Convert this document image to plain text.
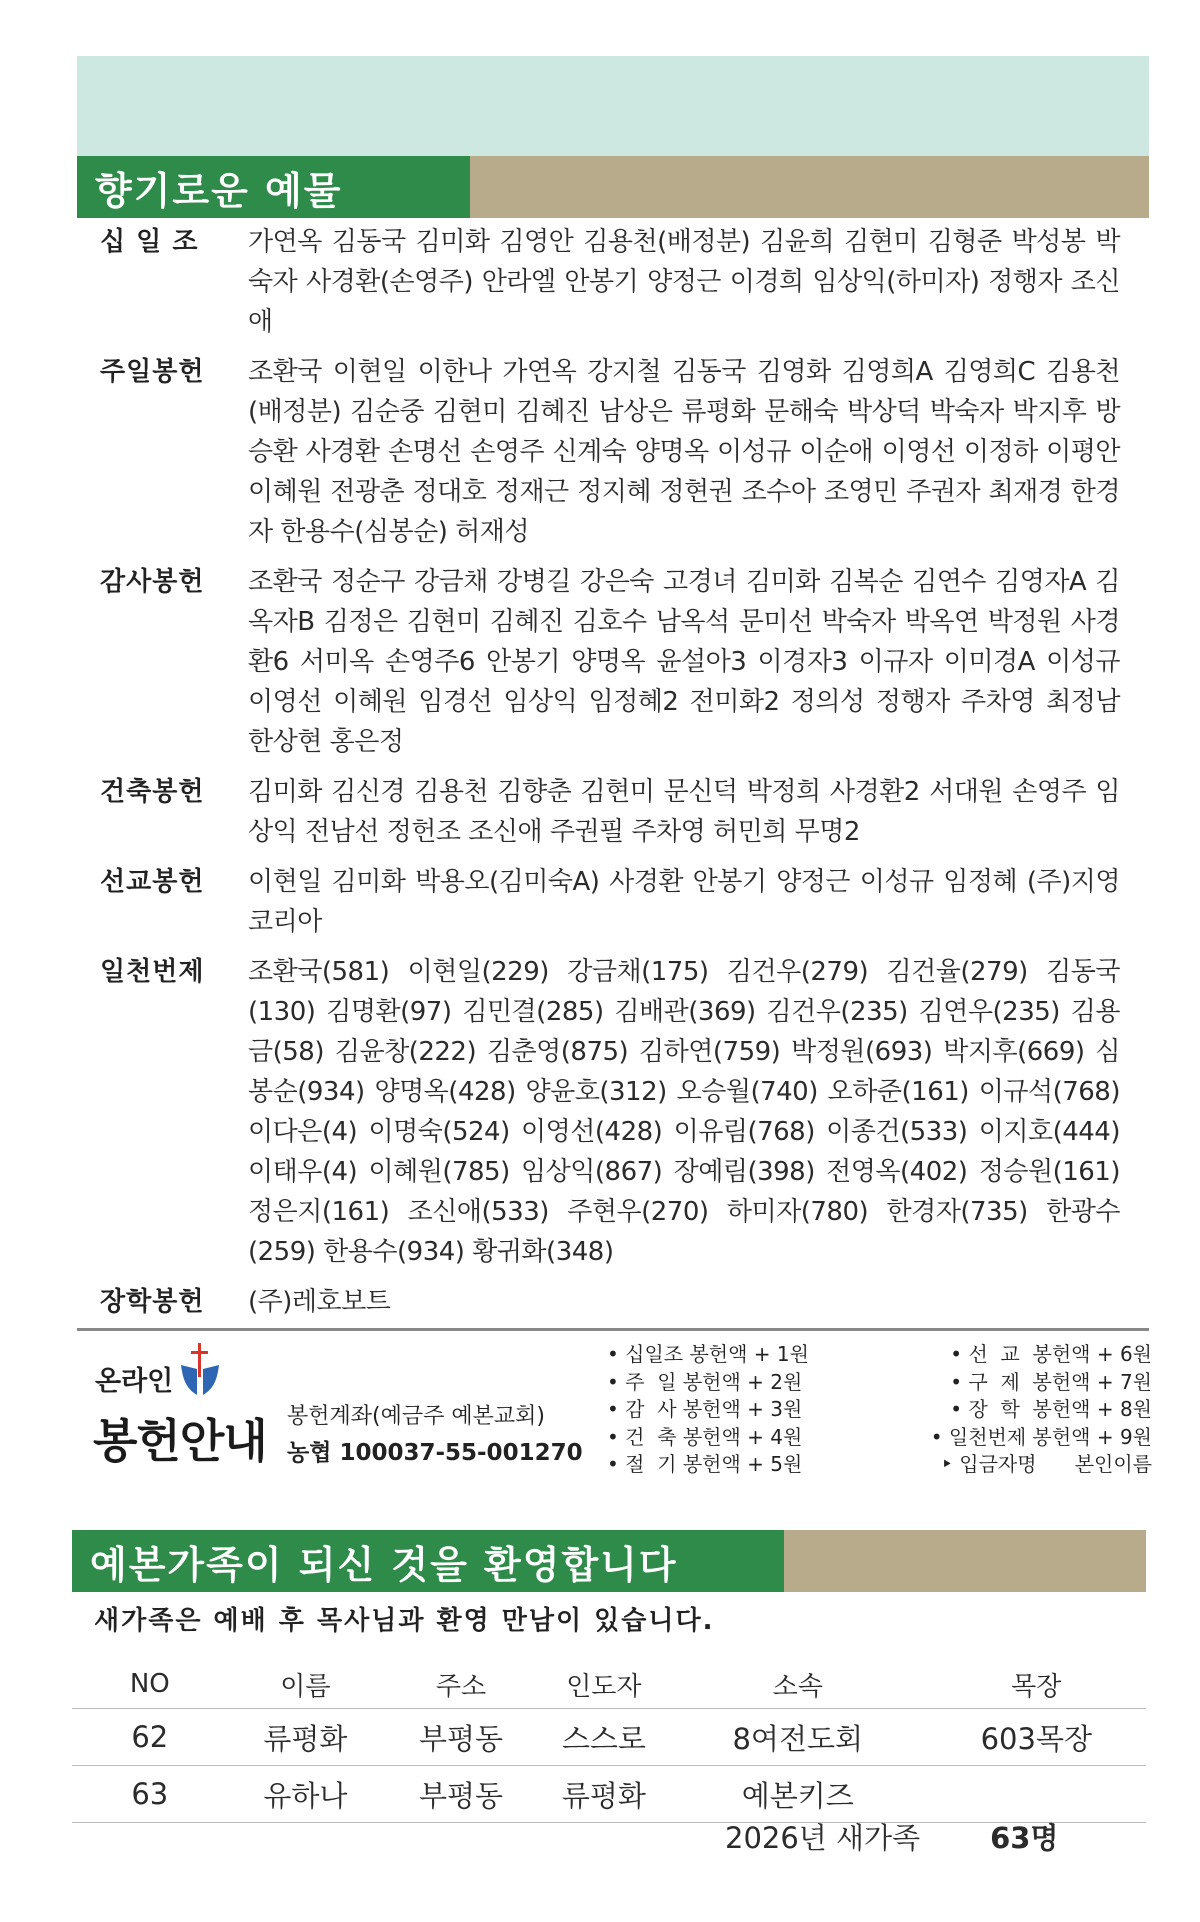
향기로운 예물
십 일 조	가연옥 김동국 김미화 김영안 김용천(배정분) 김윤희 김현미 김형준 박성봉 박숙자 사경환(손영주) 안라엘 안봉기 양정근 이경희 임상익(하미자) 정행자 조신애
주일봉헌	조환국 이현일 이한나 가연옥 강지철 김동국 김영화 김영희A 김영희C 김용천(배정분) 김순중 김현미 김혜진 남상은 류평화 문해숙 박상덕 박숙자 박지후 방승환 사경환 손명선 손영주 신계숙 양명옥 이성규 이순애 이영선 이정하 이평안 이혜원 전광춘 정대호 정재근 정지혜 정현권 조수아 조영민 주권자 최재경 한경자 한용수(심봉순) 허재성
감사봉헌	조환국 정순구 강금채 강병길 강은숙 고경녀 김미화 김복순 김연수 김영자A 김옥자B 김정은 김현미 김혜진 김호수 남옥석 문미선 박숙자 박옥연 박정원 사경환6 서미옥 손영주6 안봉기 양명옥 윤설아3 이경자3 이규자 이미경A 이성규 이영선 이혜원 임경선 임상익 임정혜2 전미화2 정의성 정행자 주차영 최정남 한상현 홍은정
건축봉헌	김미화 김신경 김용천 김향춘 김현미 문신덕 박정희 사경환2 서대원 손영주 임상익 전남선 정헌조 조신애 주권필 주차영 허민희 무명2
선교봉헌	이현일 김미화 박용오(김미숙A) 사경환 안봉기 양정근 이성규 임정혜 (주)지영코리아
일천번제	조환국(581) 이현일(229) 강금채(175) 김건우(279) 김건율(279) 김동국(130) 김명환(97) 김민결(285) 김배관(369) 김건우(235) 김연우(235) 김용금(58) 김윤창(222) 김춘영(875) 김하연(759) 박정원(693) 박지후(669) 심봉순(934) 양명옥(428) 양윤호(312) 오승월(740) 오하준(161) 이규석(768) 이다은(4) 이명숙(524) 이영선(428) 이유림(768) 이종건(533) 이지호(444) 이태우(4) 이혜원(785) 임상익(867) 장예림(398) 전영옥(402) 정승원(161) 정은지(161) 조신애(533) 주현우(270) 하미자(780) 한경자(735) 한광수(259) 한용수(934) 황귀화(348)
장학봉헌	(주)레호보트
온라인
봉헌안내 봉헌계좌(예금주 예본교회)
농협 100037-55-001270
• 십일조 봉헌액 + 1원	• 선  교  봉헌액 + 6원
• 주  일 봉헌액 + 2원	• 구  제  봉헌액 + 7원
• 감  사 봉헌액 + 3원	• 장  학  봉헌액 + 8원
• 건  축 봉헌액 + 4원	• 일천번제 봉헌액 + 9원
• 절  기 봉헌액 + 5원	‣ 입금자명      본인이름
예본가족이 되신 것을 환영합니다
새가족은 예배 후 목사님과 환영 만남이 있습니다.
NO	이름	주소	인도자	소속	목장
62	류평화	부평동	스스로	8여전도회	603목장
63	유하나	부평동	류평화	예본키즈	
2026년 새가족 63명
